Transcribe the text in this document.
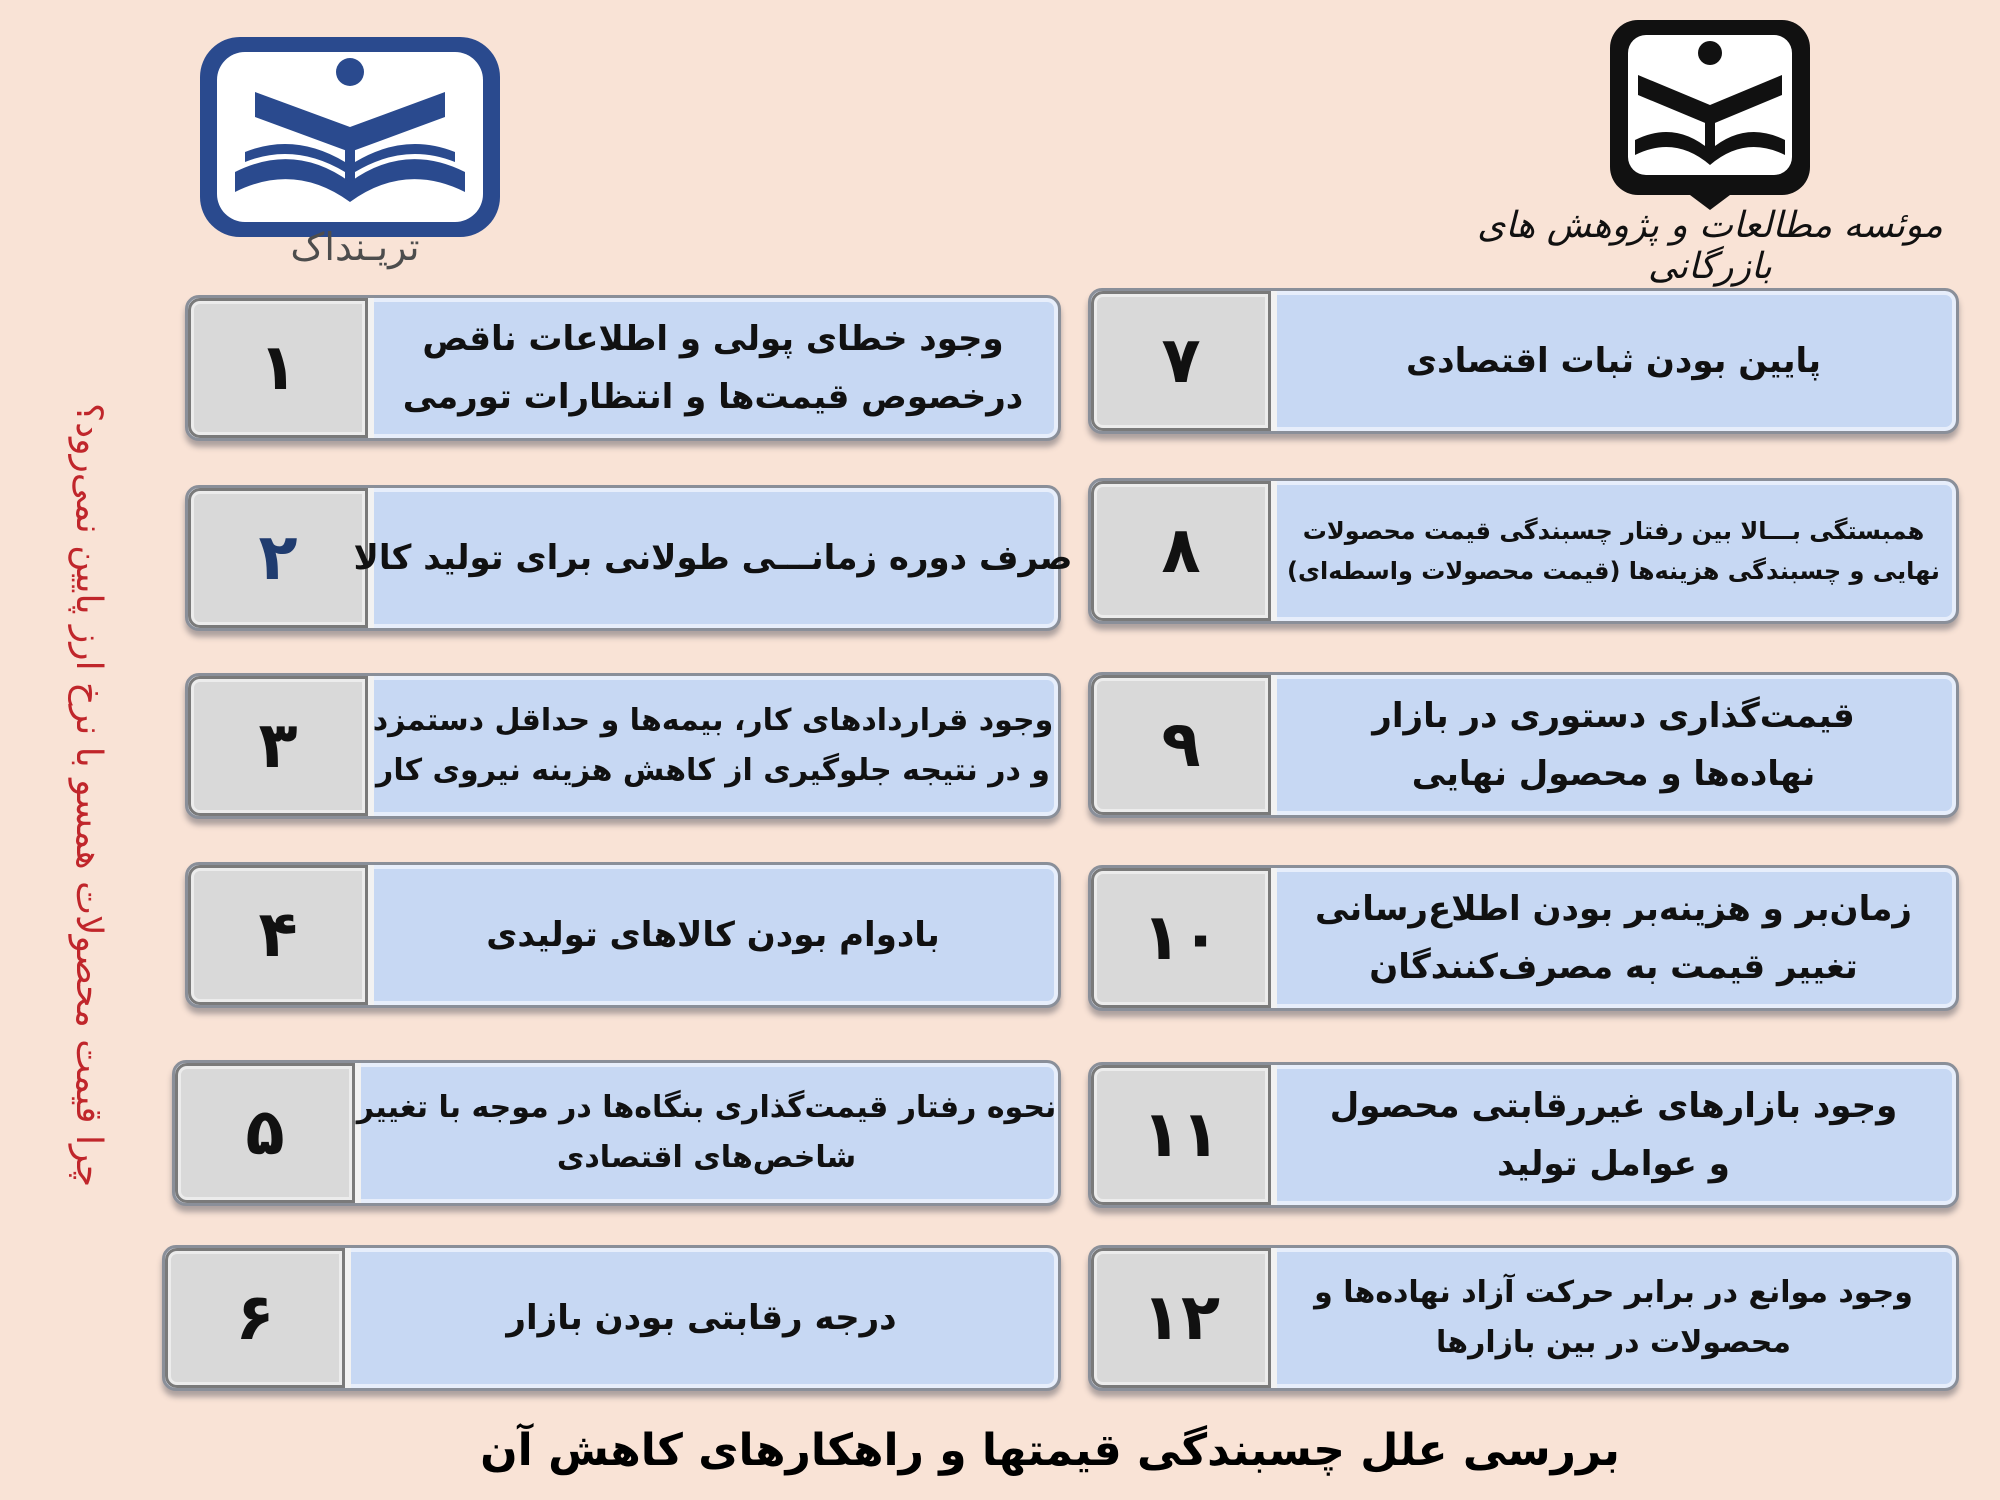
تریـنداک	موئسه مطالعات و پژوهش های بازرگانی
چرا قیمت محصولات همسو با نرخ ارز پایین نمی‌رود؟
۱	وجود خطای پولی و اطلاعات ناقص
درخصوص قیمت‌ها و انتظارات تورمی
۲	صرف دوره زمانـــی طولانی برای تولید کالا
۳	وجود قراردادهای کار، بیمه‌ها و حداقل دستمزد
و در نتیجه جلوگیری از کاهش هزینه نیروی کار
۴	بادوام بودن کالاهای تولیدی
۵	نحوه رفتار قیمت‌گذاری بنگاه‌ها در موجه با تغییر
شاخص‌های اقتصادی
۶	درجه رقابتی بودن بازار
۷	پایین بودن ثبات اقتصادی
۸	همبستگی بـــالا بین رفتار چسبندگی قیمت محصولات
نهایی و چسبندگی هزینه‌ها (قیمت محصولات واسطه‌ای)
۹	قیمت‌گذاری دستوری در بازار
نهاده‌ها و محصول نهایی
۱۰	زمان‌بر و هزینه‌بر بودن اطلاع‌رسانی
تغییر قیمت به مصرف‌کنندگان
۱۱	وجود بازارهای غیررقابتی محصول
و عوامل تولید
۱۲	وجود موانع در برابر حرکت آزاد نهاده‌ها و
محصولات در بین بازارها
بررسی علل چسبندگی قیمتها و راهکارهای کاهش آن
